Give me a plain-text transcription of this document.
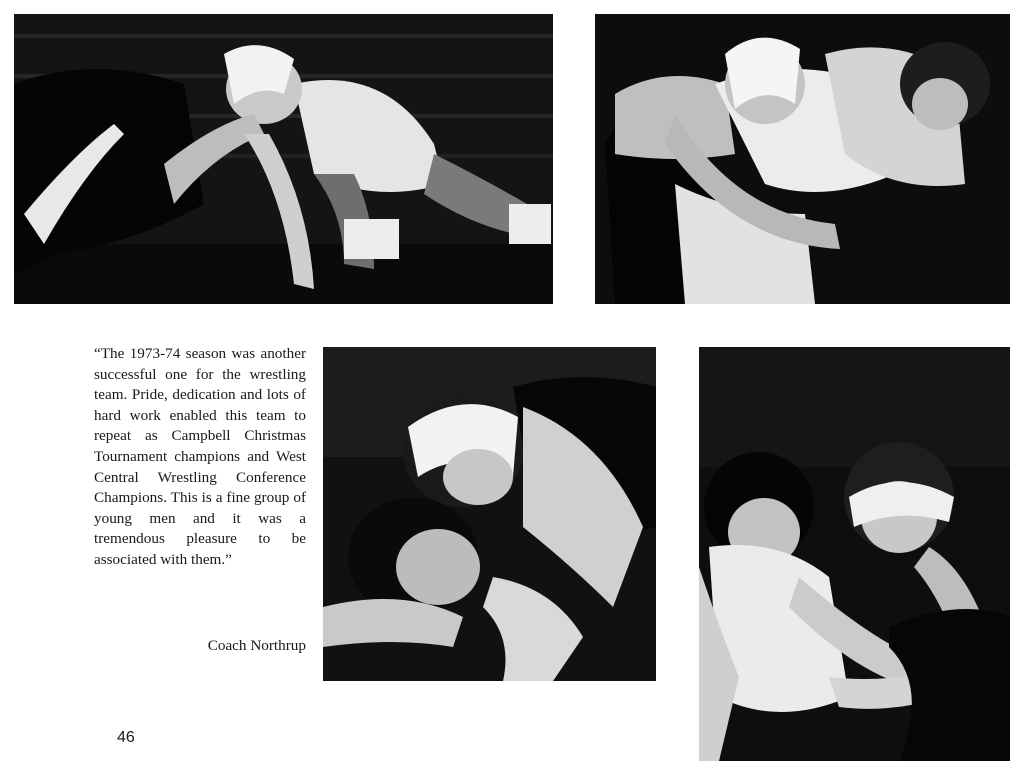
“The 1973-74 season was another successful one for the wrestling team. Pride, dedication and lots of hard work enabled this team to repeat as Campbell Christmas Tournament champions and West Central Wrestling Conference Champions. This is a fine group of young men and it was a tremendous pleasure to be associated with them.”

Coach Northrup

46
